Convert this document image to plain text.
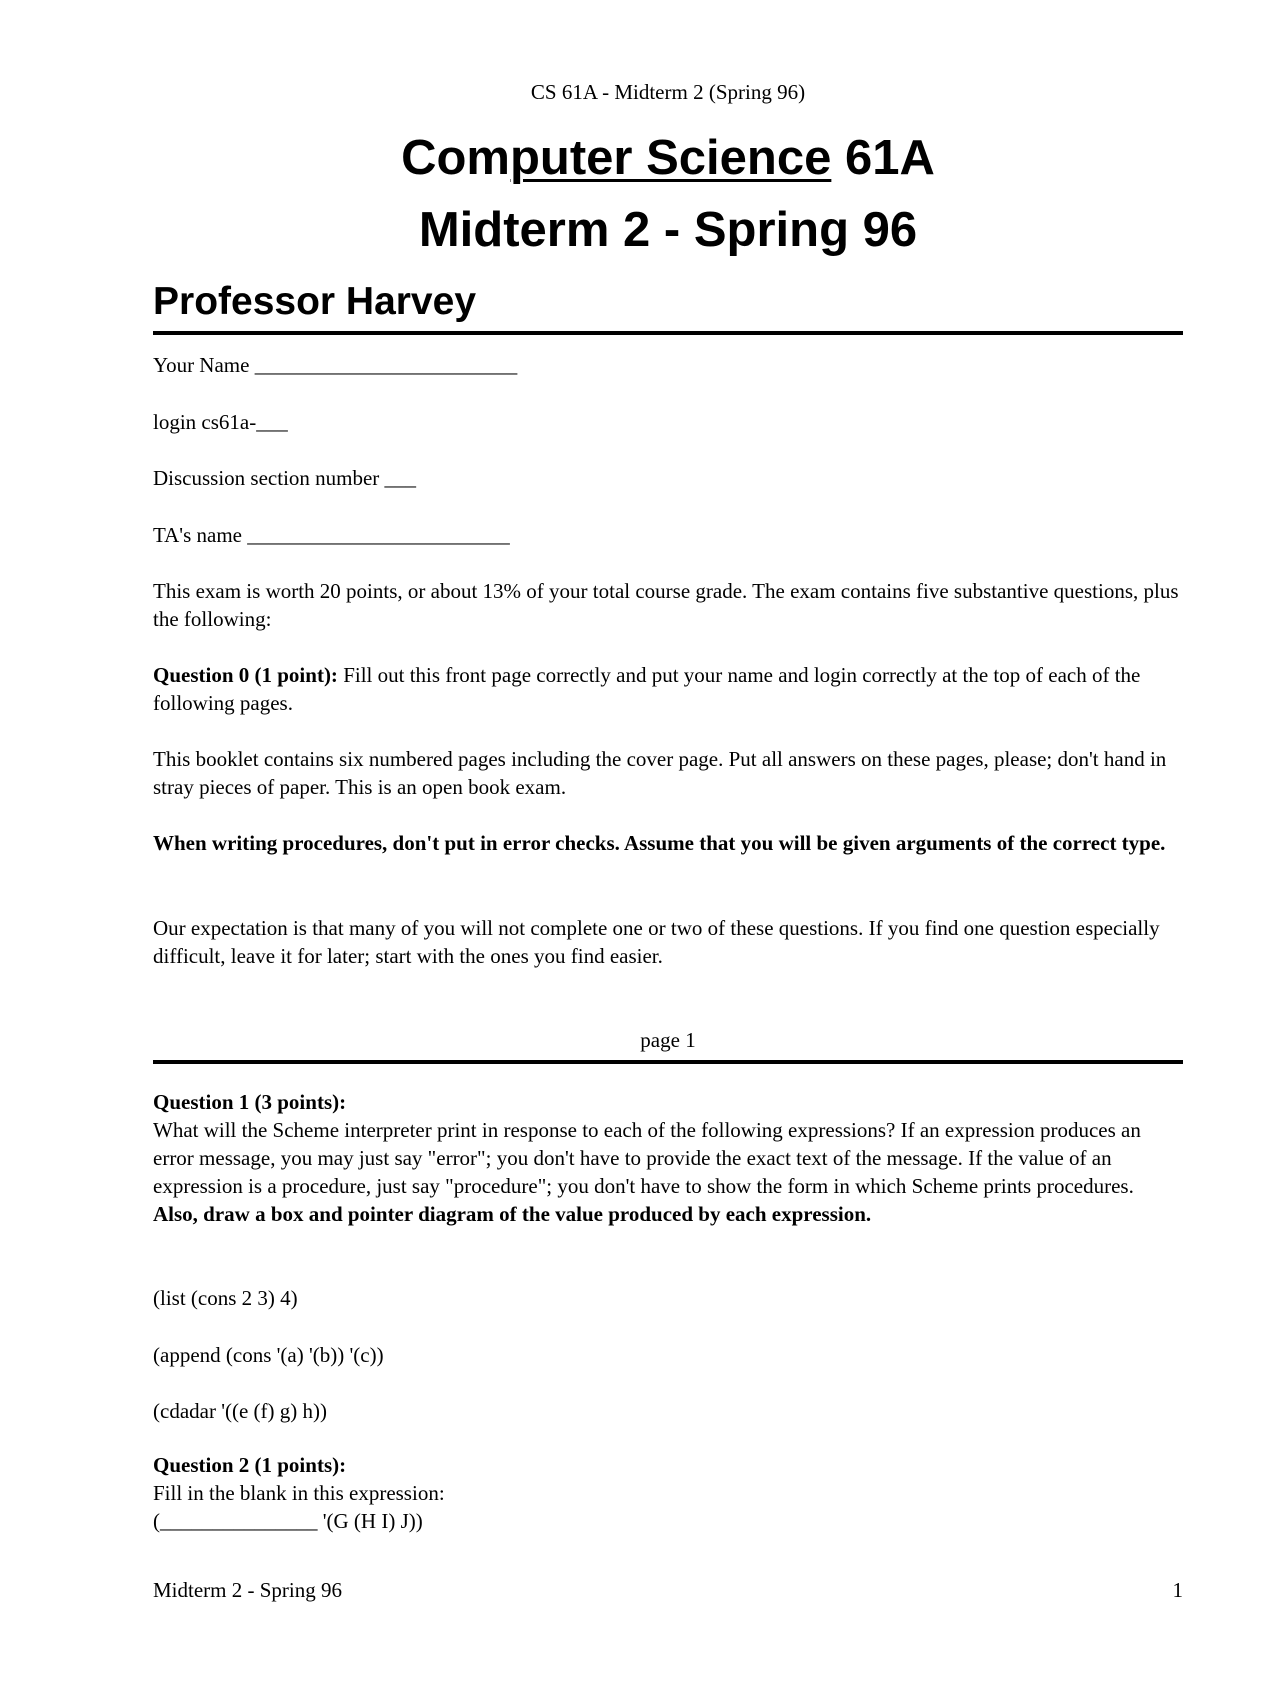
CS 61A - Midterm 2 (Spring 96)
Computer Science 61A
Midterm 2 - Spring 96
Professor Harvey
Your Name _________________________
login cs61a-___
Discussion section number ___
TA's name _________________________
This exam is worth 20 points, or about 13% of your total course grade. The exam contains five substantive questions, plus the following:
Question 0 (1 point): Fill out this front page correctly and put your name and login correctly at the top of each of the following pages.
This booklet contains six numbered pages including the cover page. Put all answers on these pages, please; don't hand in stray pieces of paper. This is an open book exam.
When writing procedures, don't put in error checks. Assume that you will be given arguments of the correct type.
Our expectation is that many of you will not complete one or two of these questions. If you find one question especially difficult, leave it for later; start with the ones you find easier.
page 1
Question 1 (3 points):
What will the Scheme interpreter print in response to each of the following expressions? If an expression produces an error message, you may just say "error"; you don't have to provide the exact text of the message. If the value of an expression is a procedure, just say "procedure"; you don't have to show the form in which Scheme prints procedures. Also, draw a box and pointer diagram of the value produced by each expression.
(list (cons 2 3) 4)
(append (cons '(a) '(b)) '(c))
(cdadar '((e (f) g) h))
Question 2 (1 points):
Fill in the blank in this expression:
(_______________ '(G (H I) J))
Midterm 2 - Spring 96	1
